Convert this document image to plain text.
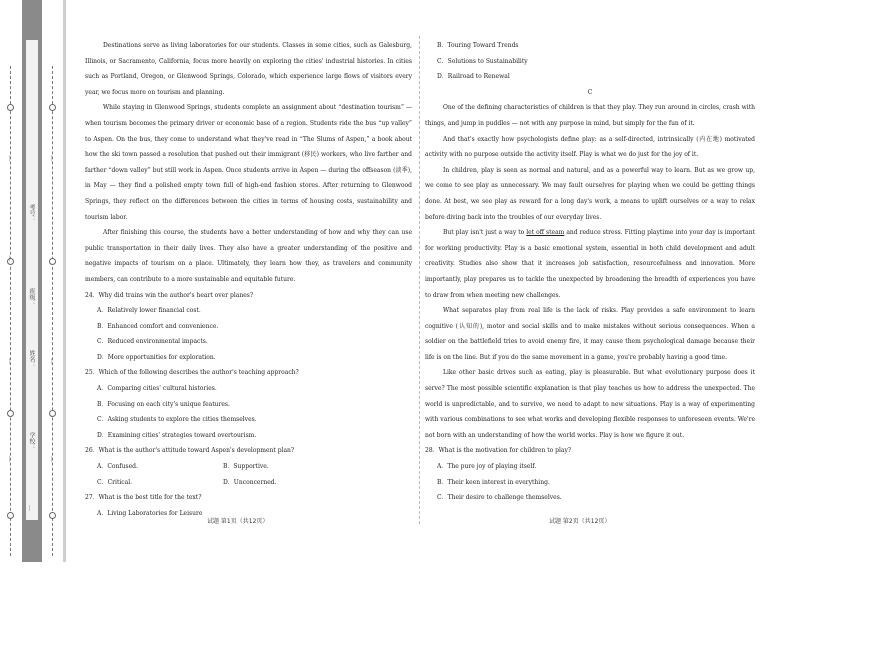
…
…
…
…
…
…
…
…
学校：
姓名：
班级：
考号：

Destinations serve as living laboratories for our students. Classes in some cities, such as Galesburg, Illinois, or Sacramento, California, focus more heavily on exploring the cities' industrial histories. In cities such as Portland, Oregon, or Glenwood Springs, Colorado, which experience large flows of visitors every year, we focus more on tourism and planning.

While staying in Glenwood Springs, students complete an assignment about “destination tourism” — when tourism becomes the primary driver or economic base of a region. Students ride the bus “up valley” to Aspen. On the bus, they come to understand what they've read in “The Slums of Aspen,” a book about how the ski town passed a resolution that pushed out their immigrant (移民) workers, who live farther and farther “down valley” but still work in Aspen. Once students arrive in Aspen — during the offseason (淡季), in May — they find a polished empty town full of high-end fashion stores. After returning to Glenwood Springs, they reflect on the differences between the cities in terms of housing costs, sustainability and tourism labor.

After finishing this course, the students have a better understanding of how and why they can use public transportation in their daily lives. They also have a greater understanding of the positive and negative impacts of tourism on a place. Ultimately, they learn how they, as travelers and community members, can contribute to a more sustainable and equitable future.

24．Why did trains win the author's heart over planes?
A．Relatively lower financial cost.
B．Enhanced comfort and convenience.
C．Reduced environmental impacts.
D．More opportunities for exploration.
25．Which of the following describes the author's teaching approach?
A．Comparing cities' cultural histories.
B．Focusing on each city's unique features.
C．Asking students to explore the cities themselves.
D．Examining cities' strategies toward overtourism.
26．What is the author's attitude toward Aspen's development plan?
A．Confused.	B．Supportive.
C．Critical.	D．Unconcerned.
27．What is the best title for the text?
A．Living Laboratories for Leisure
B．Touring Toward Trends
C．Solutions to Sustainability
D．Railroad to Renewal
C

One of the defining characteristics of children is that they play. They run around in circles, crash with things, and jump in puddles — not with any purpose in mind, but simply for the fun of it.

And that's exactly how psychologists define play: as a self-directed, intrinsically (内在地) motivated activity with no purpose outside the activity itself. Play is what we do just for the joy of it.

In children, play is seen as normal and natural, and as a powerful way to learn. But as we grow up, we come to see play as unnecessary. We may fault ourselves for playing when we could be getting things done. At best, we see play as reward for a long day's work, a means to uplift ourselves or a way to relax before diving back into the troubles of our everyday lives.

But play isn't just a way to let off steam and reduce stress. Fitting playtime into your day is important for working productivity. Play is a basic emotional system, essential in both child development and adult creativity. Studies also show that it increases job satisfaction, resourcefulness and innovation. More importantly, play prepares us to tackle the unexpected by broadening the breadth of experiences you have to draw from when meeting new challenges.

What separates play from real life is the lack of risks. Play provides a safe environment to learn cognitive (认知的), motor and social skills and to make mistakes without serious consequences. When a soldier on the battlefield tries to avoid enemy fire, it may cause them psychological damage because their life is on the line. But if you do the same movement in a game, you're probably having a good time.

Like other basic drives such as eating, play is pleasurable. But what evolutionary purpose does it serve? The most possible scientific explanation is that play teaches us how to address the unexpected. The world is unpredictable, and to survive, we need to adapt to new situations. Play is a way of experimenting with various combinations to see what works and developing flexible responses to unforeseen events. We're not born with an understanding of how the world works. Play is how we figure it out.

28．What is the motivation for children to play?
A．The pure joy of playing itself.
B．Their keen interest in everything.
C．Their desire to challenge themselves.
试题 第1页（共12页）	试题 第2页（共12页）
